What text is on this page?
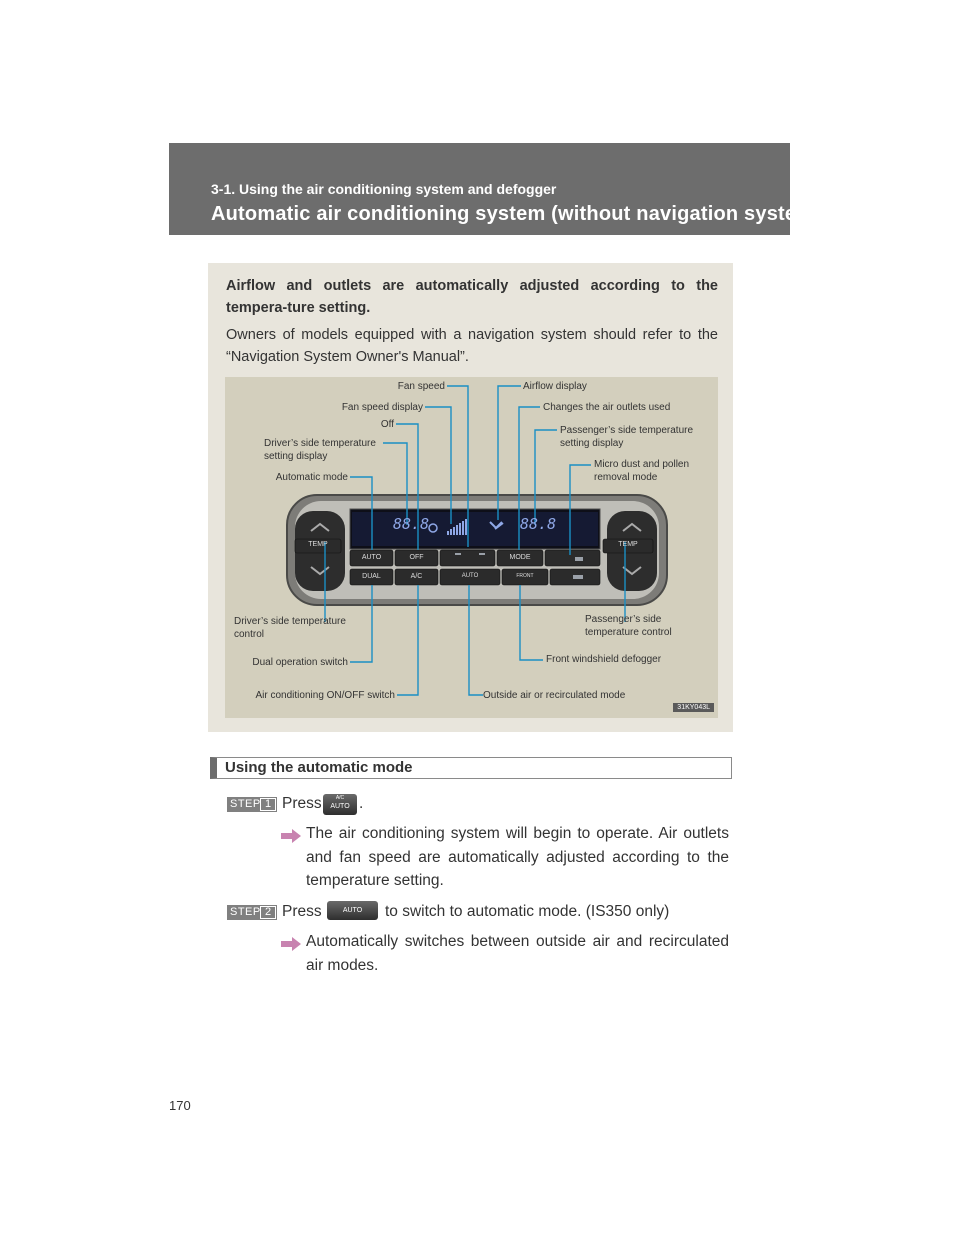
3-1. Using the air conditioning system and defogger
Automatic air conditioning system (without navigation system)

Airflow and outlets are automatically adjusted according to the tempera-ture setting.

Owners of models equipped with a navigation system should refer to the “Navigation System Owner's Manual”.

88.8	88.8
AUTO	OFF	MODE
TEMP	TEMP
DUAL	A/C	AUTO	FRONT
Fan speed	Airflow display
Fan speed display	Changes the air outlets used
Off
Passenger’s side temperature setting display
Driver’s side temperature setting display
Micro dust and pollen removal mode
Automatic mode
Driver’s side temperature control
Passenger’s side temperature control
Dual operation switch	Front windshield defogger
Air conditioning ON/OFF switch	Outside air or recirculated mode
31KY043L
Using the automatic mode
STEP 1 Press	A/C
AUTO .
The air conditioning system will begin to operate. Air outlets and fan speed are automatically adjusted according to the temperature setting.
STEP 2 Press	AUTO	to switch to automatic mode. (IS350 only)
Automatically switches between outside air and recirculated air modes.
170
